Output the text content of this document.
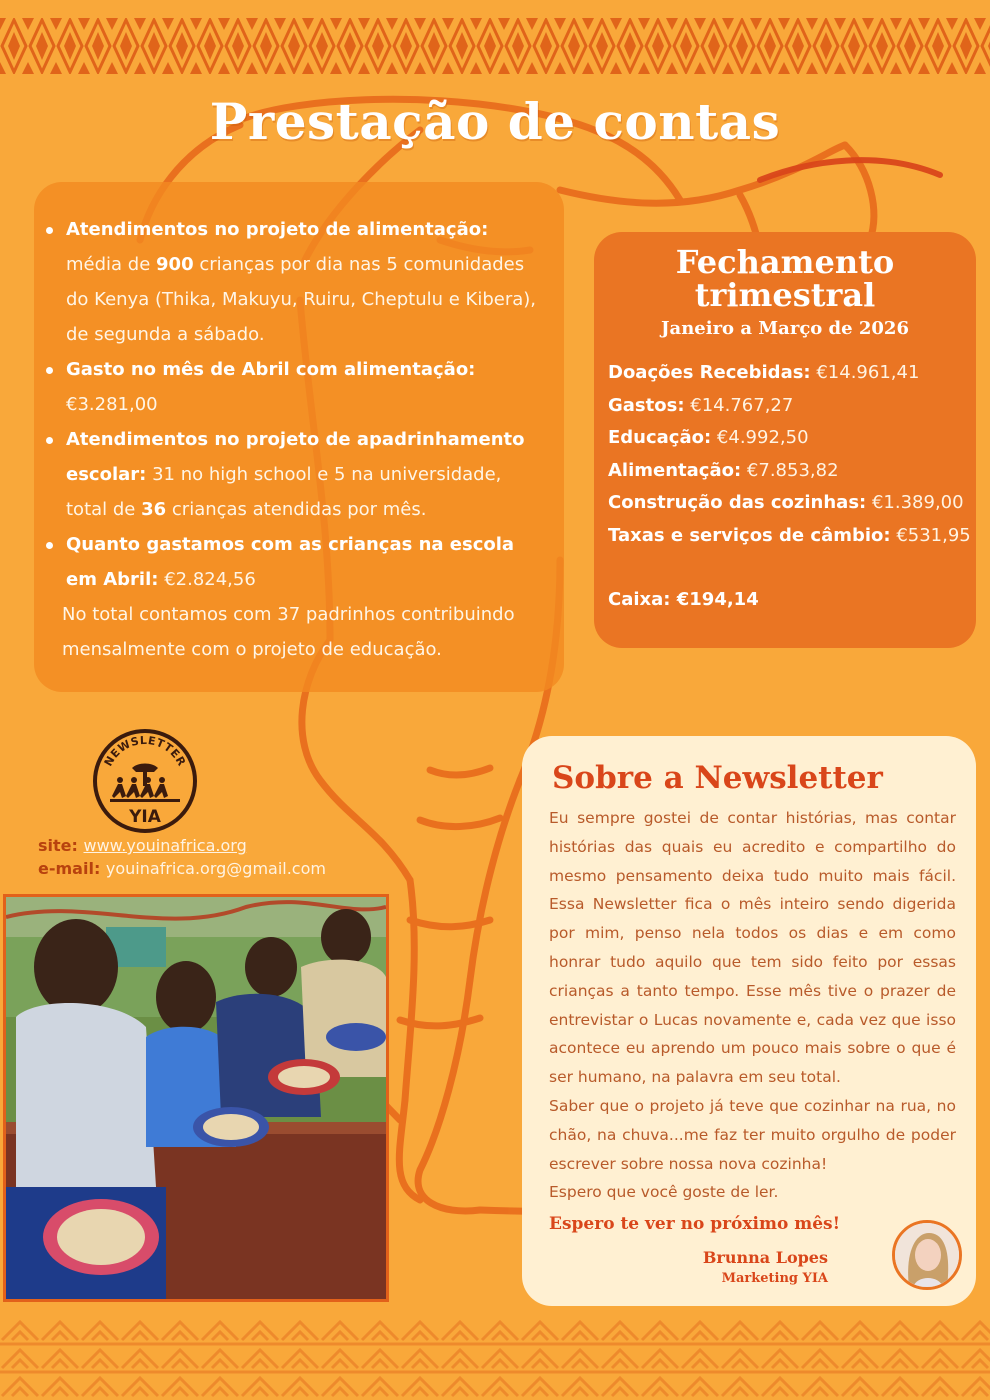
Prestação de contas
Atendimentos no projeto de alimentação: média de 900 crianças por dia nas 5 comunidades do Kenya (Thika, Makuyu, Ruiru, Cheptulu e Kibera), de segunda a sábado.
Gasto no mês de Abril com alimentação: €3.281,00
Atendimentos no projeto de apadrinhamento escolar: 31 no high school e 5 na universidade, total de 36 crianças atendidas por mês.
Quanto gastamos com as crianças na escola em Abril: €2.824,56
No total contamos com 37 padrinhos contribuindo mensalmente com o projeto de educação.
Fechamento trimestral
Janeiro a Março de 2026
Doações Recebidas: €14.961,41
Gastos: €14.767,27
Educação: €4.992,50
Alimentação: €7.853,82
Construção das cozinhas: €1.389,00
Taxas e serviços de câmbio: €531,95
Caixa: €194,14
NEWSLETTER
YIA
site: www.youinafrica.org
e-mail: youinafrica.org@gmail.com
Sobre a Newsletter

Eu sempre gostei de contar histórias, mas contar histórias das quais eu acredito e compartilho do mesmo pensamento deixa tudo muito mais fácil. Essa Newsletter fica o mês inteiro sendo digerida por mim, penso nela todos os dias e em como honrar tudo aquilo que tem sido feito por essas crianças a tanto tempo. Esse mês tive o prazer de entrevistar o Lucas novamente e, cada vez que isso acontece eu aprendo um pouco mais sobre o que é ser humano, na palavra em seu total.

Saber que o projeto já teve que cozinhar na rua, no chão, na chuva...me faz ter muito orgulho de poder escrever sobre nossa nova cozinha!

Espero que você goste de ler.

Espero te ver no próximo mês!
Brunna Lopes
Marketing YIA
